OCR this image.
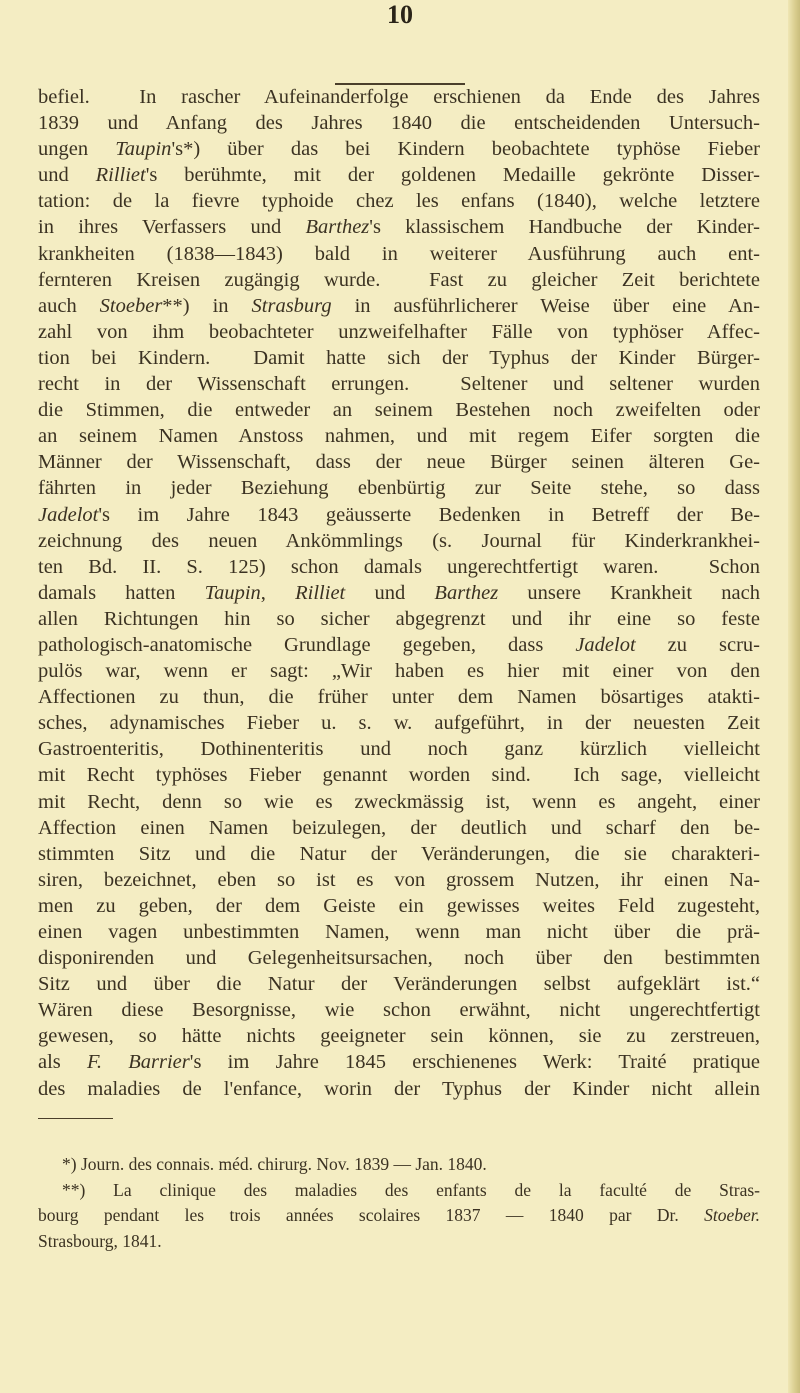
10
befiel.  In rascher Aufeinanderfolge erschienen da Ende des Jahres
1839 und Anfang des Jahres 1840 die entscheidenden Untersuch-
ungen Taupin's*) über das bei Kindern beobachtete typhöse Fieber
und Rilliet's berühmte, mit der goldenen Medaille gekrönte Disser-
tation: de la fievre typhoide chez les enfans (1840), welche letztere
in ihres Verfassers und Barthez's klassischem Handbuche der Kinder-
krankheiten (1838—1843) bald in weiterer Ausführung auch ent-
fernteren Kreisen zugängig wurde.  Fast zu gleicher Zeit berichtete
auch Stoeber**) in Strasburg in ausführlicherer Weise über eine An-
zahl von ihm beobachteter unzweifelhafter Fälle von typhöser Affec-
tion bei Kindern.  Damit hatte sich der Typhus der Kinder Bürger-
recht in der Wissenschaft errungen.  Seltener und seltener wurden
die Stimmen, die entweder an seinem Bestehen noch zweifelten oder
an seinem Namen Anstoss nahmen, und mit regem Eifer sorgten die
Männer der Wissenschaft, dass der neue Bürger seinen älteren Ge-
fährten in jeder Beziehung ebenbürtig zur Seite stehe, so dass
Jadelot's im Jahre 1843 geäusserte Bedenken in Betreff der Be-
zeichnung des neuen Ankömmlings (s. Journal für Kinderkrankhei-
ten Bd. II. S. 125) schon damals ungerechtfertigt waren.  Schon
damals hatten Taupin, Rilliet und Barthez unsere Krankheit nach
allen Richtungen hin so sicher abgegrenzt und ihr eine so feste
pathologisch-anatomische Grundlage gegeben, dass Jadelot zu scru-
pulös war, wenn er sagt: „Wir haben es hier mit einer von den
Affectionen zu thun, die früher unter dem Namen bösartiges atakti-
sches, adynamisches Fieber u. s. w. aufgeführt, in der neuesten Zeit
Gastroenteritis, Dothinenteritis und noch ganz kürzlich vielleicht
mit Recht typhöses Fieber genannt worden sind.  Ich sage, vielleicht
mit Recht, denn so wie es zweckmässig ist, wenn es angeht, einer
Affection einen Namen beizulegen, der deutlich und scharf den be-
stimmten Sitz und die Natur der Veränderungen, die sie charakteri-
siren, bezeichnet, eben so ist es von grossem Nutzen, ihr einen Na-
men zu geben, der dem Geiste ein gewisses weites Feld zugesteht,
einen vagen unbestimmten Namen, wenn man nicht über die prä-
disponirenden und Gelegenheitsursachen, noch über den bestimmten
Sitz und über die Natur der Veränderungen selbst aufgeklärt ist.“
Wären diese Besorgnisse, wie schon erwähnt, nicht ungerechtfertigt
gewesen, so hätte nichts geeigneter sein können, sie zu zerstreuen,
als F. Barrier's im Jahre 1845 erschienenes Werk: Traité pratique
des maladies de l'enfance, worin der Typhus der Kinder nicht allein
*) Journ. des connais. méd. chirurg. Nov. 1839 — Jan. 1840.
**) La clinique des maladies des enfants de la faculté de Stras-
bourg pendant les trois années scolaires 1837 — 1840 par Dr. Stoeber.
Strasbourg, 1841.
